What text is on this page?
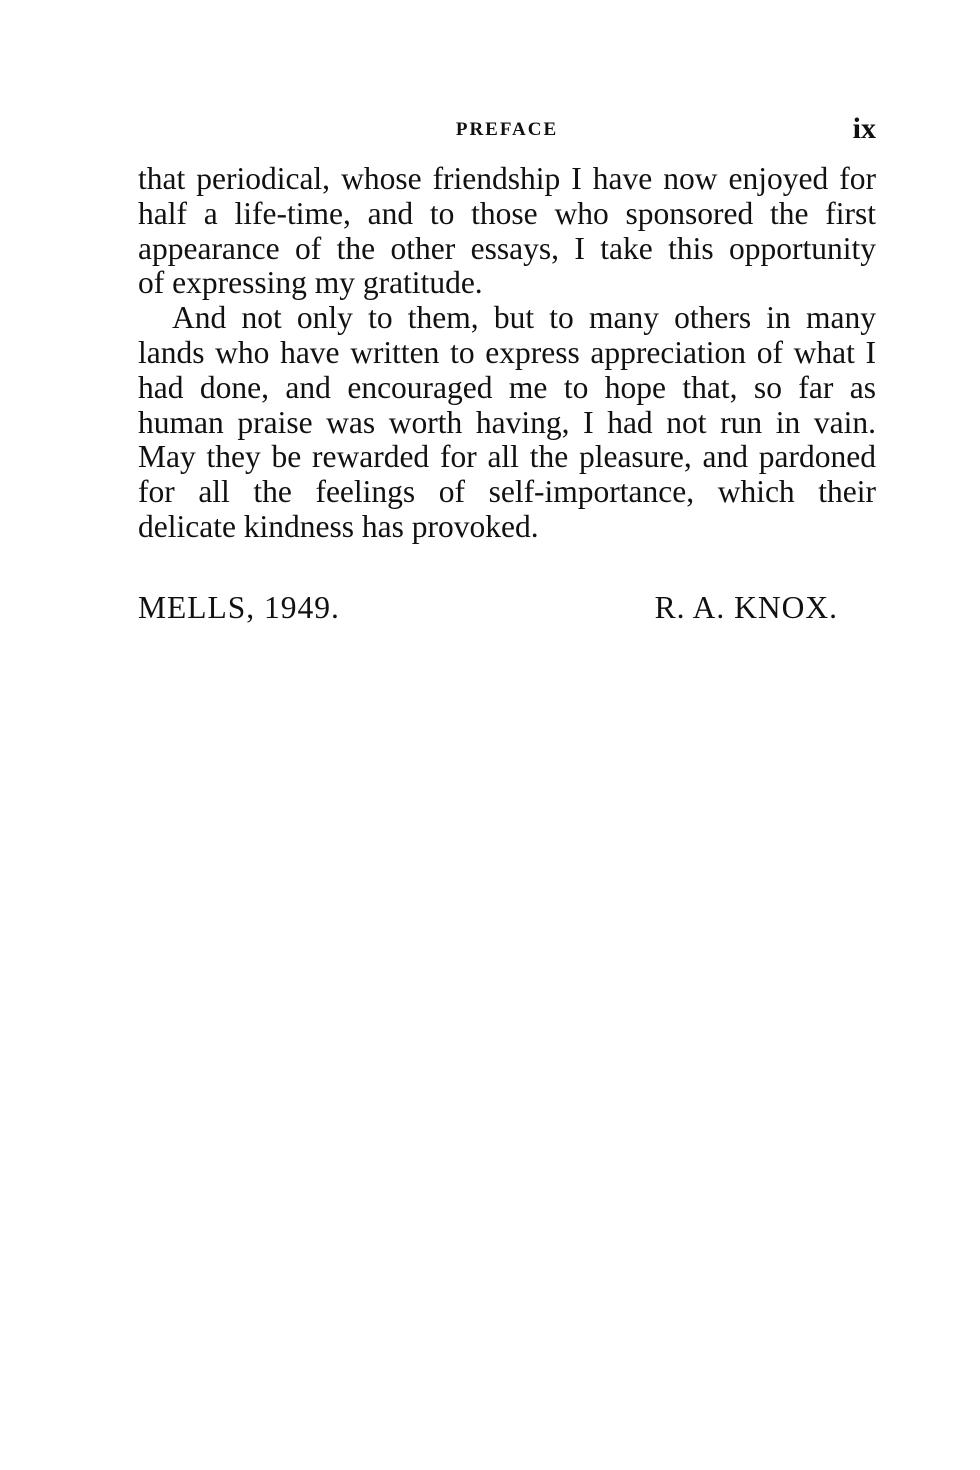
PREFACE	ix

that periodical, whose friendship I have now enjoyed for
half a life-time, and to those who sponsored the first
appearance of the other essays, I take this opportunity
of expressing my gratitude.

And not only to them, but to many others in many
lands who have written to express appreciation of what I
had done, and encouraged me to hope that, so far as
human praise was worth having, I had not run in vain.
May they be rewarded for all the pleasure, and pardoned
for all the feelings of self-importance, which their
delicate kindness has provoked.

MELLS, 1949.	R. A. KNOX.
